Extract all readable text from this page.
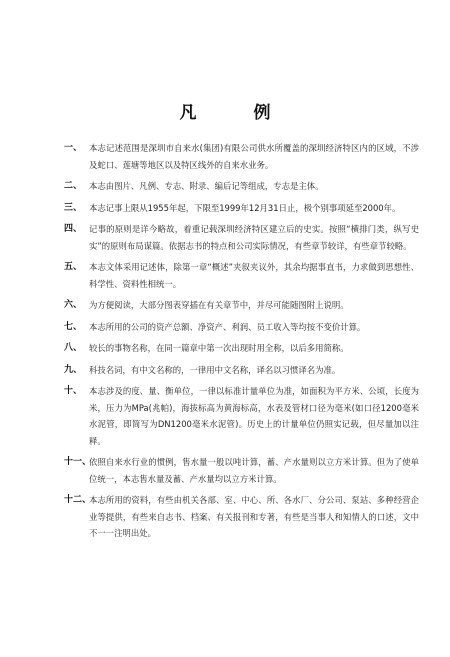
凡　例
一、 本志记述范围是深圳市自来水(集团)有限公司供水所覆盖的深圳经济特区内的区域，不涉及蛇口、莲塘等地区以及特区线外的自来水业务。
二、 本志由图片、凡例、专志、附录、编后记等组成，专志是主体。
三、 本志记事上限从1955年起，下限至1999年12月31日止，极个别事项延至2000年。
四、 记事的原则是详今略故，着重记载深圳经济特区建立后的史实。按照“横排门类，纵写史实”的原则布局谋篇。依据志书的特点和公司实际情况，有些章节较详，有些章节较略。
五、 本志文体采用记述体，除第一章“概述”夹叙夹议外，其余均据事直书，力求做到思想性、科学性、资料性相统一。
六、 为方便阅读，大部分图表穿插在有关章节中，并尽可能随图附上说明。
七、 本志所用的公司的资产总额、净资产、利润、员工收入等均按不变价计算。
八、 较长的事物名称，在同一篇章中第一次出现时用全称，以后多用简称。
九、 科技名词，有中文名称的，一律用中文名称，译名以习惯译名为准。
十、 本志涉及的度、量、衡单位，一律以标准计量单位为准，如面积为平方米、公顷，长度为米，压力为MPa(兆帕)，海拔标高为黄海标高，水表及管材口径为毫米(如口径1200毫米水泥管，即简写为DN1200毫米水泥管)。历史上的计量单位仍照实记载，但尽量加以注释。
十一、
依照自来水行业的惯例，售水量一般以吨计算，蓄、产水量则以立方米计算。但为了使单位统一，本志售水量及蓄、产水量均以立方米计算。
十二、
本志所用的资料，有些由机关各部、室、中心、所、各水厂、分公司、泵站、多种经营企业等提供，有些来自志书、档案、有关报刊和专著，有些是当事人和知情人的口述，文中不一一注明出处。
